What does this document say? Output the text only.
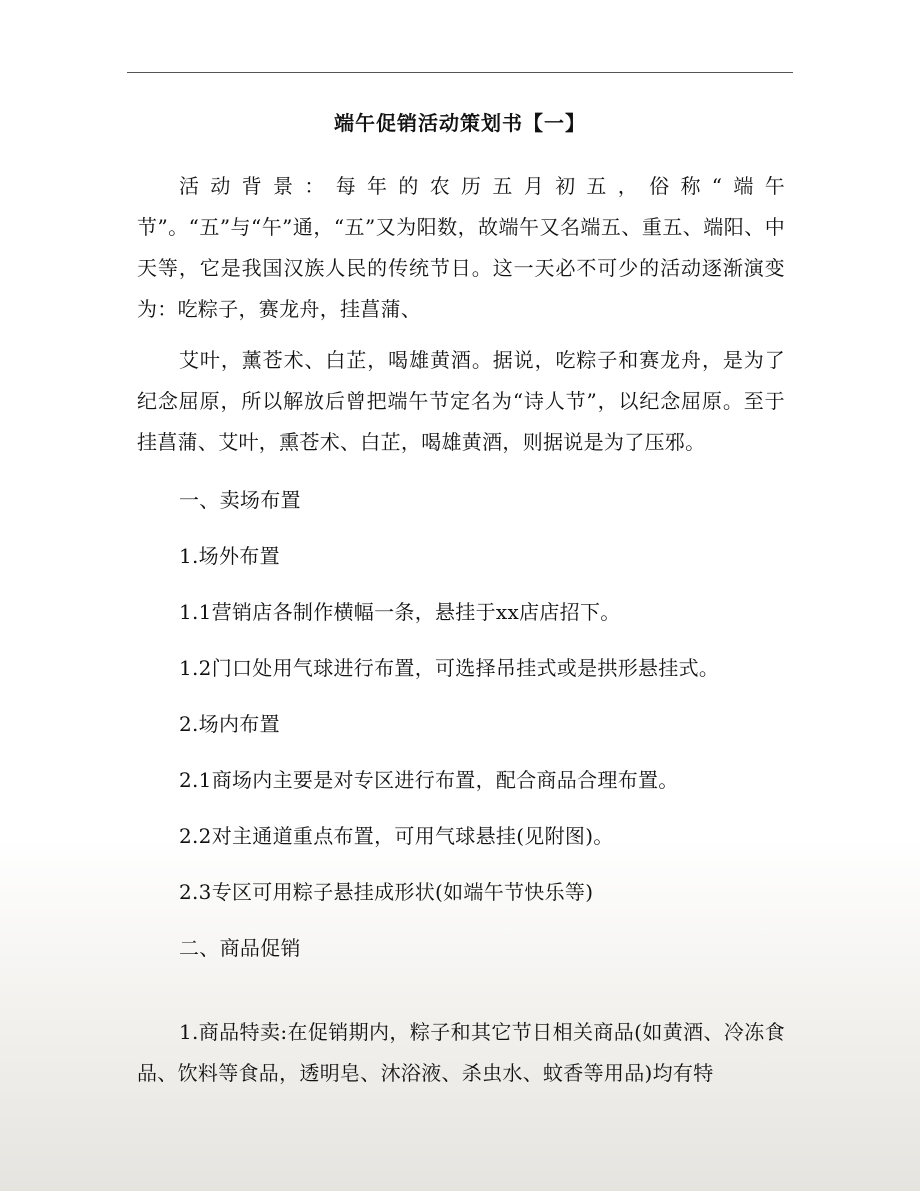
端午促销活动策划书【一】
活动背景：每年的农历五月初五，俗称“端午节”。“五”与“午”通，“五”又为阳数，故端午又名端五、重五、端阳、中天等，它是我国汉族人民的传统节日。这一天必不可少的活动逐渐演变为：吃粽子，赛龙舟，挂菖蒲、
艾叶，薰苍术、白芷，喝雄黄酒。据说，吃粽子和赛龙舟，是为了纪念屈原，所以解放后曾把端午节定名为“诗人节”，以纪念屈原。至于挂菖蒲、艾叶，熏苍术、白芷，喝雄黄酒，则据说是为了压邪。
一、卖场布置
1.场外布置
1.1营销店各制作横幅一条，悬挂于xx店店招下。
1.2门口处用气球进行布置，可选择吊挂式或是拱形悬挂式。
2.场内布置
2.1商场内主要是对专区进行布置，配合商品合理布置。
2.2对主通道重点布置，可用气球悬挂(见附图)。
2.3专区可用粽子悬挂成形状(如端午节快乐等)
二、商品促销
1.商品特卖:在促销期内，粽子和其它节日相关商品(如黄酒、冷冻食品、饮料等食品，透明皂、沐浴液、杀虫水、蚊香等用品)均有特
